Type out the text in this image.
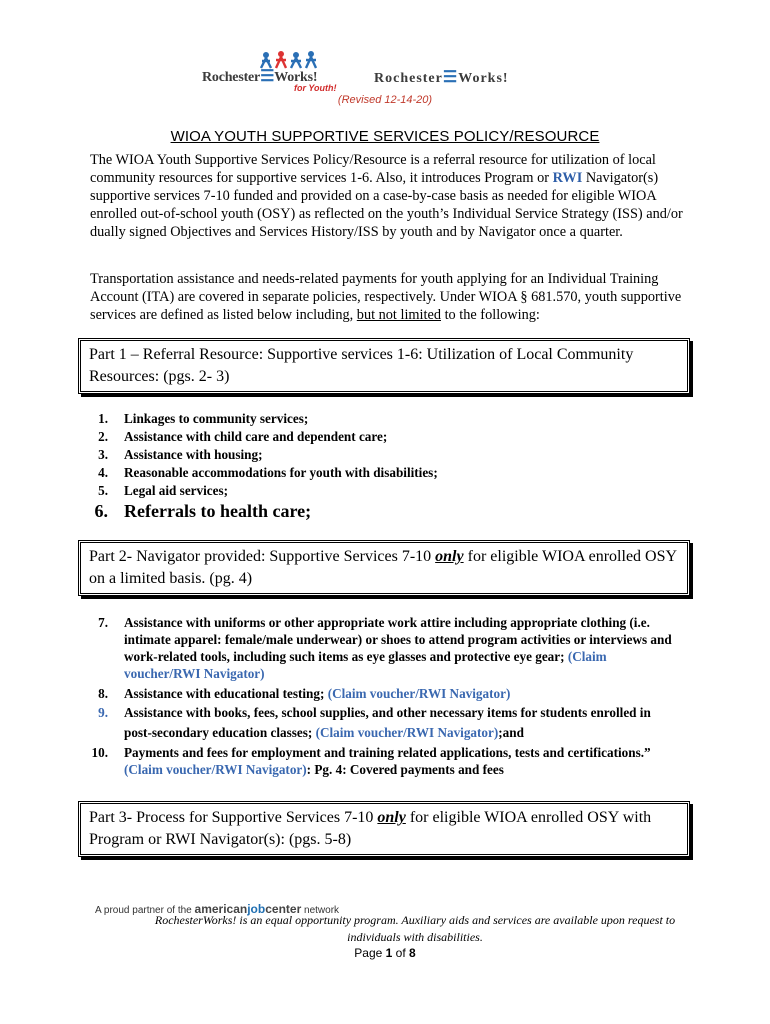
Rochester☰Works!
for Youth!
Rochester☰Works!
(Revised 12-14-20)
WIOA YOUTH SUPPORTIVE SERVICES POLICY/RESOURCE
The WIOA Youth Supportive Services Policy/Resource is a referral resource for utilization of local community resources for supportive services 1-6. Also, it introduces Program or RWI Navigator(s) supportive services 7-10 funded and provided on a case-by-case basis as needed for eligible WIOA enrolled out-of-school youth (OSY) as reflected on the youth’s Individual Service Strategy (ISS) and/or dually signed Objectives and Services History/ISS by youth and by Navigator once a quarter.
Transportation assistance and needs-related payments for youth applying for an Individual Training Account (ITA) are covered in separate policies, respectively. Under WIOA § 681.570, youth supportive services are defined as listed below including, but not limited to the following:
Part 1 – Referral Resource: Supportive services 1-6: Utilization of Local Community Resources: (pgs. 2- 3)
1. Linkages to community services;
2. Assistance with child care and dependent care;
3. Assistance with housing;
4. Reasonable accommodations for youth with disabilities;
5. Legal aid services;
6. Referrals to health care;
Part 2- Navigator provided: Supportive Services 7-10 only for eligible WIOA enrolled OSY on a limited basis. (pg. 4)
7. Assistance with uniforms or other appropriate work attire including appropriate clothing (i.e. intimate apparel: female/male underwear) or shoes to attend program activities or interviews and work-related tools, including such items as eye glasses and protective eye gear; (Claim voucher/RWI Navigator)
8. Assistance with educational testing; (Claim voucher/RWI Navigator)
9. Assistance with books, fees, school supplies, and other necessary items for students enrolled in post-secondary education classes; (Claim voucher/RWI Navigator);and
10. Payments and fees for employment and training related applications, tests and certifications.” (Claim voucher/RWI Navigator): Pg. 4: Covered payments and fees
Part 3- Process for Supportive Services 7-10 only for eligible WIOA enrolled OSY with Program or RWI Navigator(s): (pgs. 5-8)
A proud partner of the americanjobcenter network
RochesterWorks! is an equal opportunity program. Auxiliary aids and services are available upon request to individuals with disabilities.
Page 1 of 8
